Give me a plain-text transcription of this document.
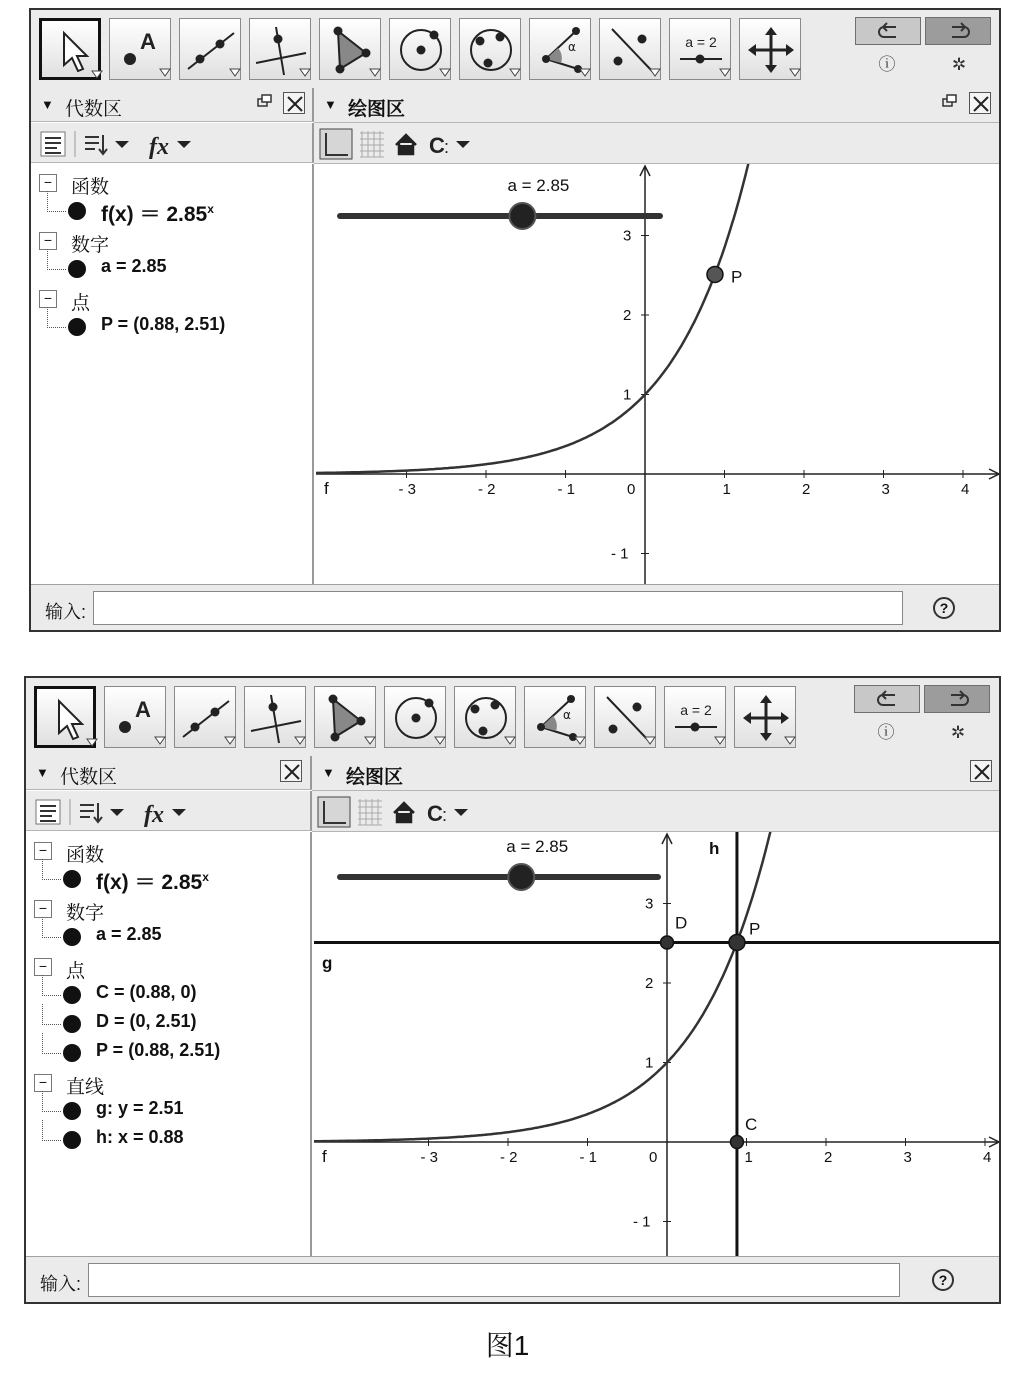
A	α	a = 2
ⓘ	✲
▼ 代数区	▼ 绘图区
fx	C :
− 函数
$f(x) = 2.85^x$
− 数字
a = 2.85
− 点
P = (0.88, 2.51)
- 3	- 2	- 1	0	1	2	3	4
3
2
1
- 1
f
a = 2.85
P
输入:	?
A	α	a = 2
ⓘ	✲
▼ 代数区	▼ 绘图区
fx	C :
− 函数
$f(x) = 2.85^x$
− 数字
a = 2.85
− 点
C = (0.88, 0)
D = (0, 2.51)
P = (0.88, 2.51)
− 直线
g: y = 2.51
h: x = 0.88
- 3	- 2	- 1	0	1	2	3	4
3
2
1
- 1
g
h
f
a = 2.85
D
C
P
输入:	?
图1
